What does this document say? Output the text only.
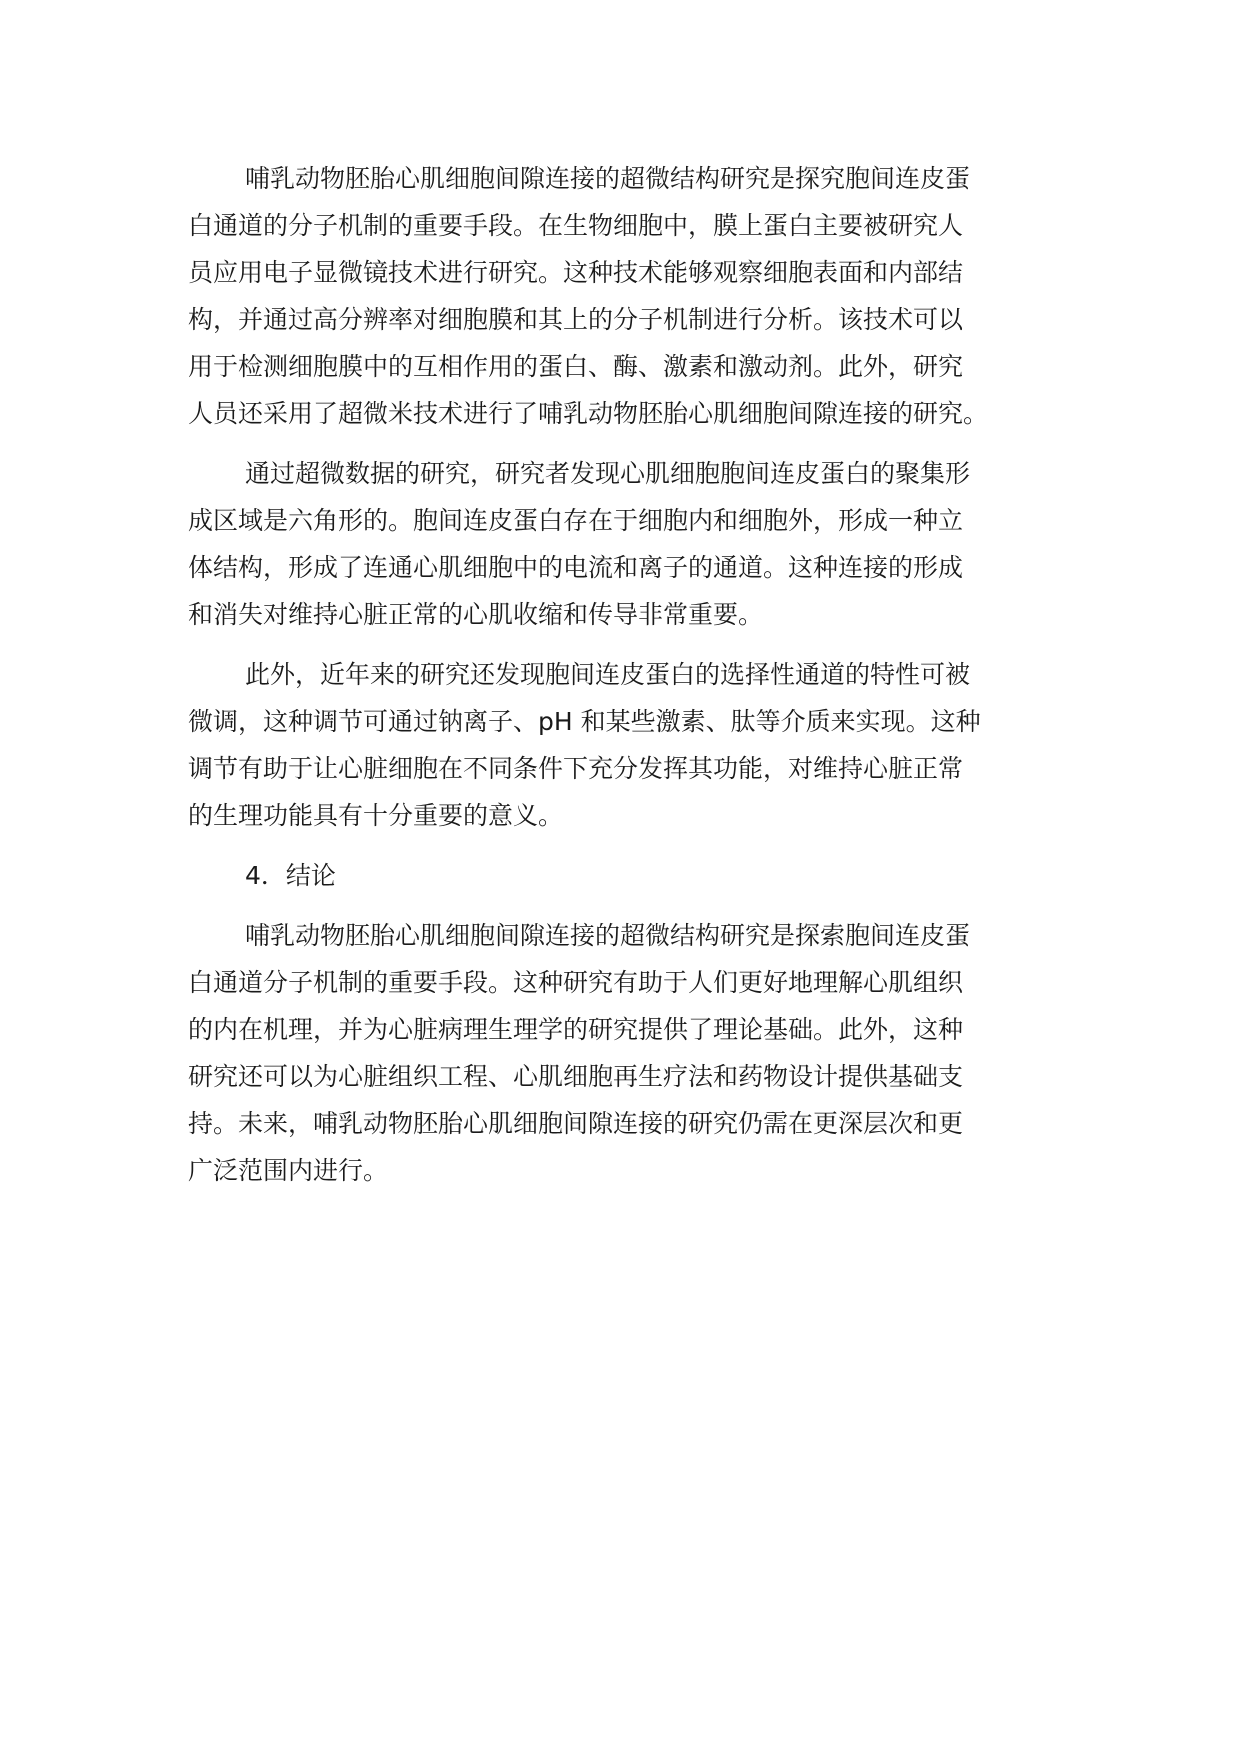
哺乳动物胚胎心肌细胞间隙连接的超微结构研究是探究胞间连皮蛋
白通道的分子机制的重要手段。在生物细胞中，膜上蛋白主要被研究人
员应用电子显微镜技术进行研究。这种技术能够观察细胞表面和内部结
构，并通过高分辨率对细胞膜和其上的分子机制进行分析。该技术可以
用于检测细胞膜中的互相作用的蛋白、酶、激素和激动剂。此外，研究
人员还采用了超微米技术进行了哺乳动物胚胎心肌细胞间隙连接的研究。
通过超微数据的研究，研究者发现心肌细胞胞间连皮蛋白的聚集形
成区域是六角形的。胞间连皮蛋白存在于细胞内和细胞外，形成一种立
体结构，形成了连通心肌细胞中的电流和离子的通道。这种连接的形成
和消失对维持心脏正常的心肌收缩和传导非常重要。
此外，近年来的研究还发现胞间连皮蛋白的选择性通道的特性可被
微调，这种调节可通过钠离子、pH 和某些激素、肽等介质来实现。这种
调节有助于让心脏细胞在不同条件下充分发挥其功能，对维持心脏正常
的生理功能具有十分重要的意义。
4．结论
哺乳动物胚胎心肌细胞间隙连接的超微结构研究是探索胞间连皮蛋
白通道分子机制的重要手段。这种研究有助于人们更好地理解心肌组织
的内在机理，并为心脏病理生理学的研究提供了理论基础。此外，这种
研究还可以为心脏组织工程、心肌细胞再生疗法和药物设计提供基础支
持。未来，哺乳动物胚胎心肌细胞间隙连接的研究仍需在更深层次和更
广泛范围内进行。
